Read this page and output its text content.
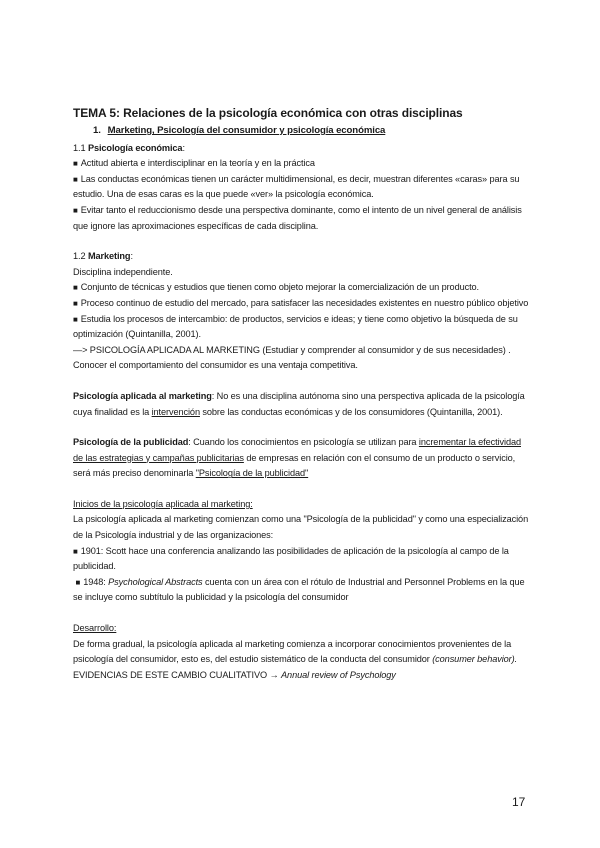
TEMA 5: Relaciones de la psicología económica con otras disciplinas

1. Marketing, Psicología del consumidor y psicología económica

1.1 Psicología económica:

■ Actitud abierta e interdisciplinar en la teoría y en la práctica

■ Las conductas económicas tienen un carácter multidimensional, es decir, muestran diferentes «caras» para su estudio. Una de esas caras es la que puede «ver» la psicología económica.

■ Evitar tanto el reduccionismo desde una perspectiva dominante, como el intento de un nivel general de análisis que ignore las aproximaciones específicas de cada disciplina.

1.2 Marketing:

Disciplina independiente.

■ Conjunto de técnicas y estudios que tienen como objeto mejorar la comercialización de un producto.

■ Proceso continuo de estudio del mercado, para satisfacer las necesidades existentes en nuestro público objetivo

■ Estudia los procesos de intercambio: de productos, servicios e ideas; y tiene como objetivo la búsqueda de su optimización (Quintanilla, 2001).

—> PSICOLOGÍA APLICADA AL MARKETING (Estudiar y comprender al consumidor y de sus necesidades) . Conocer el comportamiento del consumidor es una ventaja competitiva.

Psicología aplicada al marketing: No es una disciplina autónoma sino una perspectiva aplicada de la psicología cuya finalidad es la intervención sobre las conductas económicas y de los consumidores (Quintanilla, 2001).

Psicología de la publicidad: Cuando los conocimientos en psicología se utilizan para incrementar la efectividad de las estrategias y campañas publicitarias de empresas en relación con el consumo de un producto o servicio, será más preciso denominarla "Psicología de la publicidad"

Inicios de la psicología aplicada al marketing:

La psicología aplicada al marketing comienzan como una "Psicología de la publicidad" y como una especialización de la Psicología industrial y de las organizaciones:

■ 1901: Scott hace una conferencia analizando las posibilidades de aplicación de la psicología al campo de la publicidad.

■ 1948: Psychological Abstracts cuenta con un área con el rótulo de Industrial and Personnel Problems en la que se incluye como subtítulo la publicidad y la psicología del consumidor

Desarrollo:

De forma gradual, la psicología aplicada al marketing comienza a incorporar conocimientos provenientes de la psicología del consumidor, esto es, del estudio sistemático de la conducta del consumidor (consumer behavior).

EVIDENCIAS DE ESTE CAMBIO CUALITATIVO → Annual review of Psychology

17
